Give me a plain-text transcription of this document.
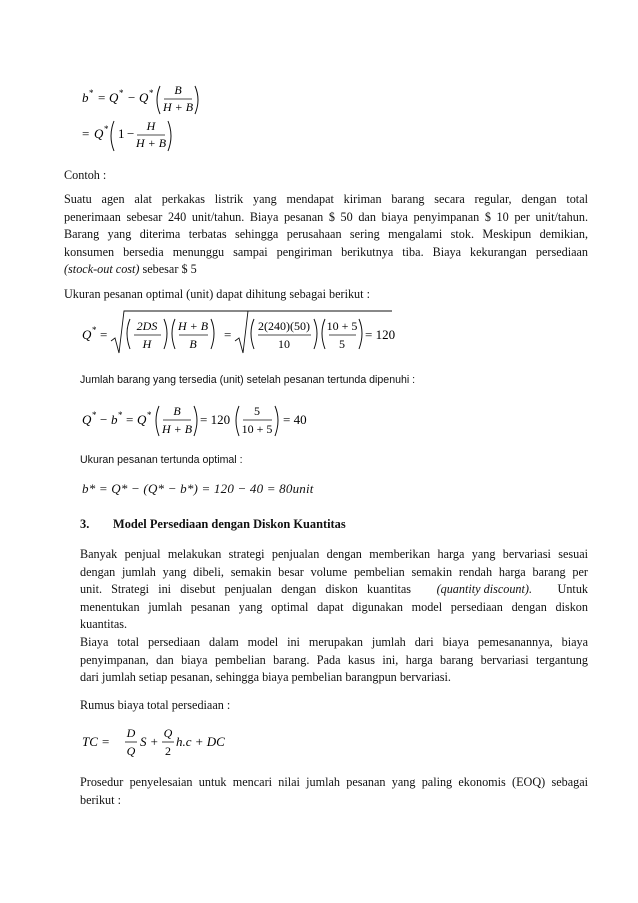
b * = Q * − Q * B
H + B
= Q * 1 − H
H + B
Contoh :
Suatu agen alat perkakas listrik yang mendapat kiriman barang secara regular, dengan total
penerimaan sebesar 240 unit/tahun. Biaya pesanan $ 50 dan biaya penyimpanan $ 10 per unit/tahun.
Barang yang diterima terbatas sehingga perusahaan sering mengalami stok. Meskipun demikian,
konsumen bersedia menunggu sampai pengiriman berikutnya tiba. Biaya kekurangan persediaan
(stock-out cost) sebesar $ 5
Ukuran pesanan optimal (unit) dapat dihitung sebagai berikut :
Q * =
2DS
H
H + B
B
=
2(240)(50)
10
10 + 5
5
= 120
Jumlah barang yang tersedia (unit) setelah pesanan tertunda dipenuhi :
Q * − b * = Q * B
H + B
= 120
5
10 + 5
= 40
Ukuran pesanan tertunda optimal :
b* = Q* − (Q* − b*) = 120 − 40 = 80unit
3. Model Persediaan dengan Diskon Kuantitas
Banyak penjual melakukan strategi penjualan dengan memberikan harga yang bervariasi sesuai
dengan jumlah yang dibeli, semakin besar volume pembelian semakin rendah harga barang per
unit.   Strategi   ini   disebut   penjualan   dengan   diskon   kuantitas (quantity discount). Untuk
menentukan jumlah pesanan yang optimal dapat digunakan model persediaan dengan diskon
kuantitas.
Biaya total persediaan dalam model ini merupakan jumlah dari biaya pemesanannya, biaya
penyimpanan, dan biaya pembelian barang. Pada kasus ini, harga barang bervariasi tergantung
dari jumlah setiap pesanan, sehingga biaya pembelian barangpun bervariasi.
Rumus biaya total persediaan :
TC =
D
Q
S +
Q
2
h.c + DC
Prosedur penyelesaian untuk mencari nilai jumlah pesanan yang paling ekonomis (EOQ) sebagai
berikut :
